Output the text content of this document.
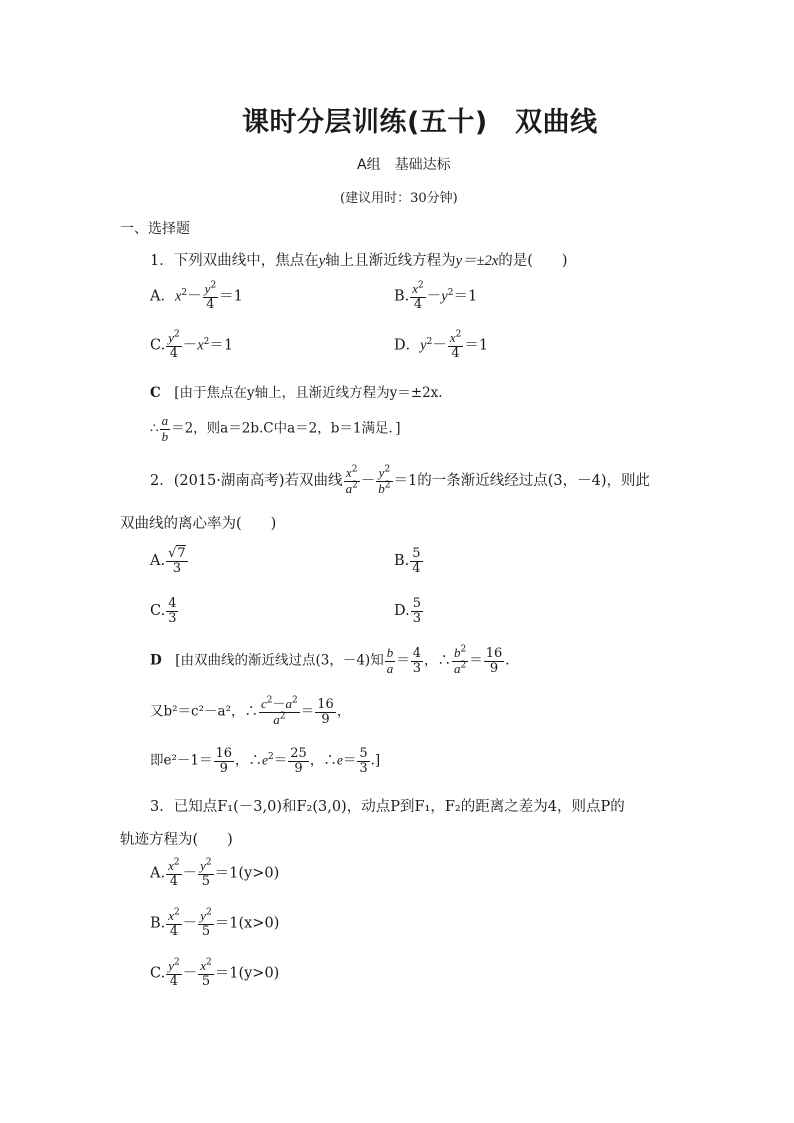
课时分层训练(五十)　双曲线
A组　基础达标
(建议用时：30分钟)
一、选择题
1．下列双曲线中，焦点在y轴上且渐近线方程为y＝±2x的是(　　)
A．$x^2- \frac{y^2}{4} =1$	B. $\frac{x^2}{4} -y^2=1$
C. $\frac{y^2}{4} -x^2=1$	D．$y^2- \frac{x^2}{4} =1$
C　 [由于焦点在y轴上，且渐近线方程为y＝±2x.
∴ $\frac{a}{b} =2$，则a＝2b.C中a＝2，b＝1满足．]
2．(2015·湖南高考)若双曲线 $\frac{x^2}{a^2} - \frac{y^2}{b^2} =1$的一条渐近线经过点(3，－4)，则此
双曲线的离心率为(　　)
A. $\frac{√7}{3}$	B. $\frac{5}{4}$
C. $\frac{4}{3}$	D. $\frac{5}{3}$
D　 [由双曲线的渐近线过点(3，－4)知 $\frac{b}{a} = \frac{4}{3}$ ，∴ $\frac{b^2}{a^2} = \frac{16}{9}$ .
又b²＝c²－a²，∴ $\frac{c^2-a^2}{a^2} = \frac{16}{9}$ ，
即$e^2-1= \frac{16}{9}$ ，$\therefore e^2= \frac{25}{9}$ ，∴e＝ $\frac{5}{3}$ .]
3．已知点F₁(－3,0)和F₂(3,0)，动点P到F₁，F₂的距离之差为4，则点P的
轨迹方程为(　　)
A. $\frac{x^2}{4} - \frac{y^2}{5} =1(y>0)$
B. $\frac{x^2}{4} - \frac{y^2}{5} =1(x>0)$
C. $\frac{y^2}{4} - \frac{x^2}{5} =1(y>0)$
